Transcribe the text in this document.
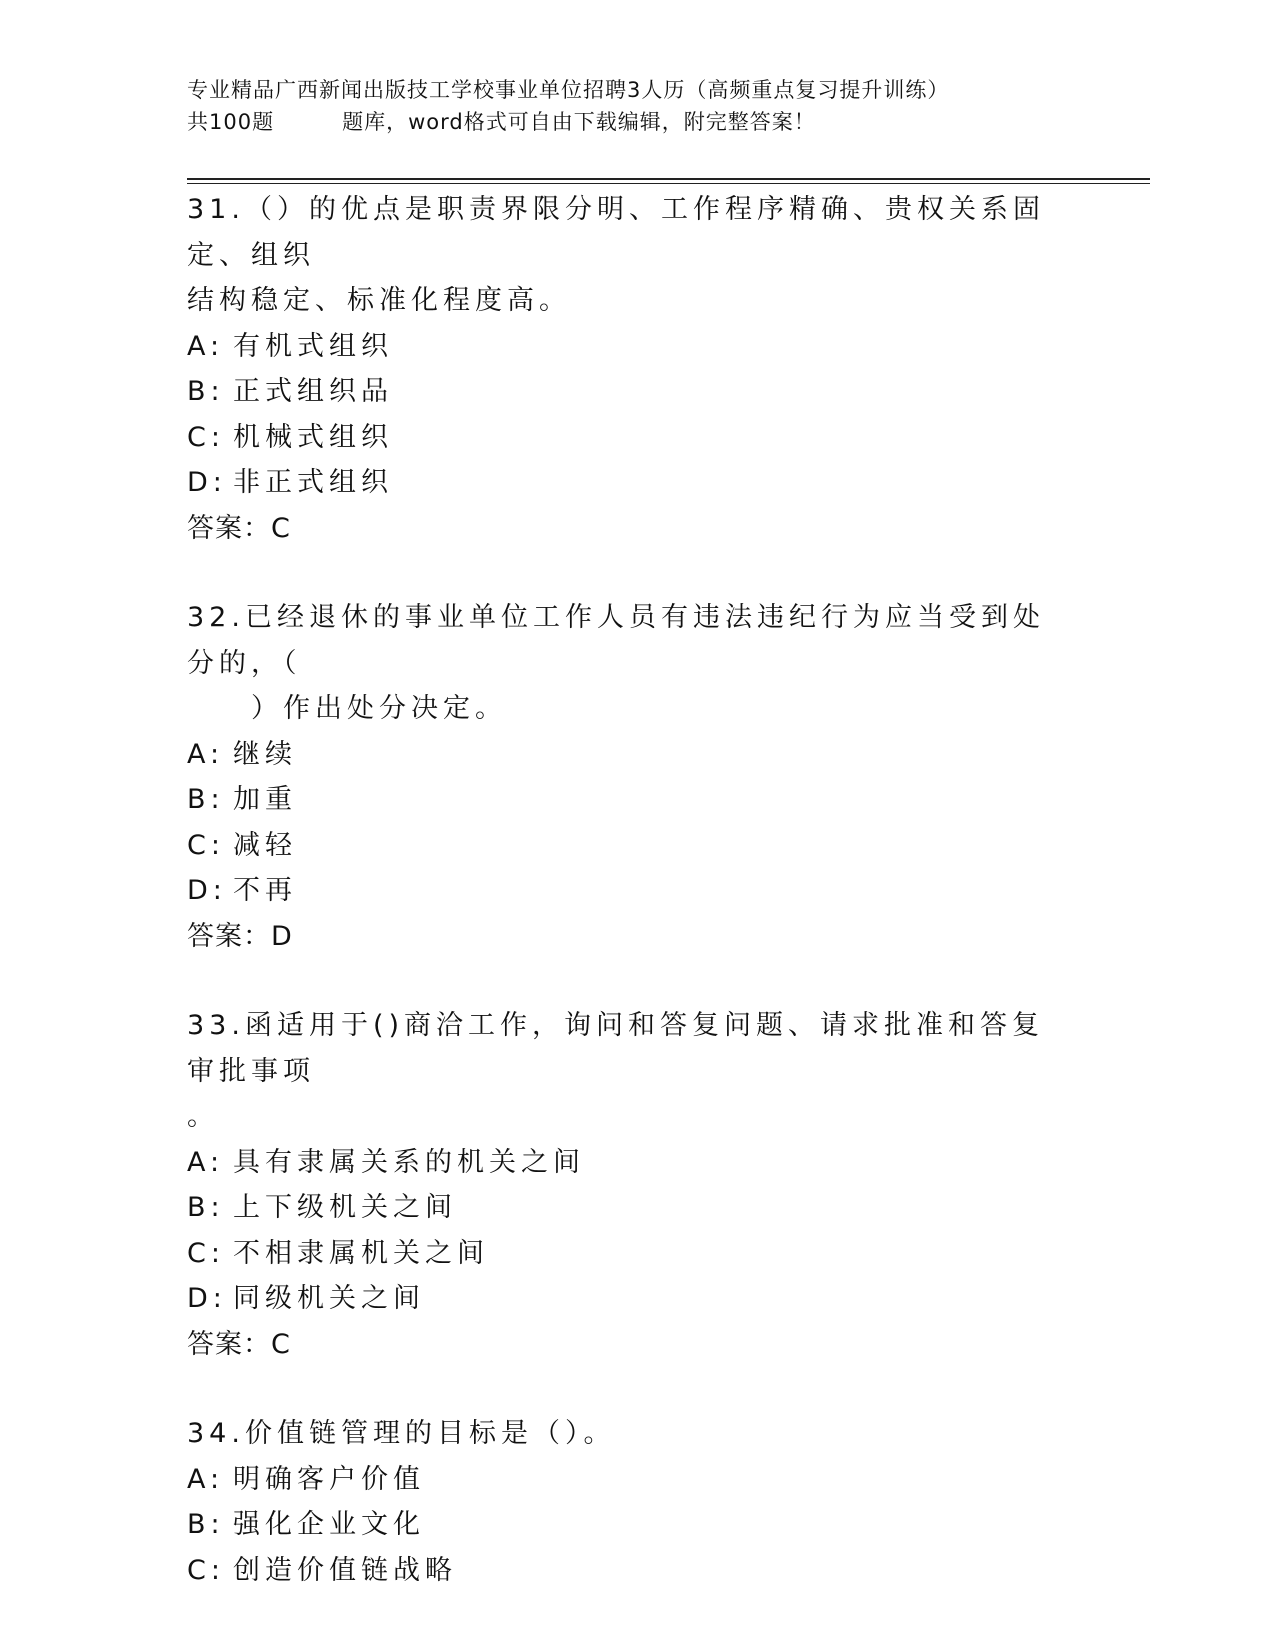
专业精品广西新闻出版技工学校事业单位招聘3人历（高频重点复习提升训练）
共100题	题库，word格式可自由下载编辑，附完整答案！
31.（）的优点是职责界限分明、工作程序精确、贵权关系固定、组织
结构稳定、标准化程度高。
A: 有机式组织
B: 正式组织品
C: 机械式组织
D: 非正式组织
答案：C
32.已经退休的事业单位工作人员有违法违纪行为应当受到处分的，（
　　）作出处分决定。
A: 继续
B: 加重
C: 减轻
D: 不再
答案：D
33.函适用于()商洽工作，询问和答复问题、请求批准和答复审批事项
。
A: 具有隶属关系的机关之间
B: 上下级机关之间
C: 不相隶属机关之间
D: 同级机关之间
答案：C
34.价值链管理的目标是（）。
A: 明确客户价值
B: 强化企业文化
C: 创造价值链战略
